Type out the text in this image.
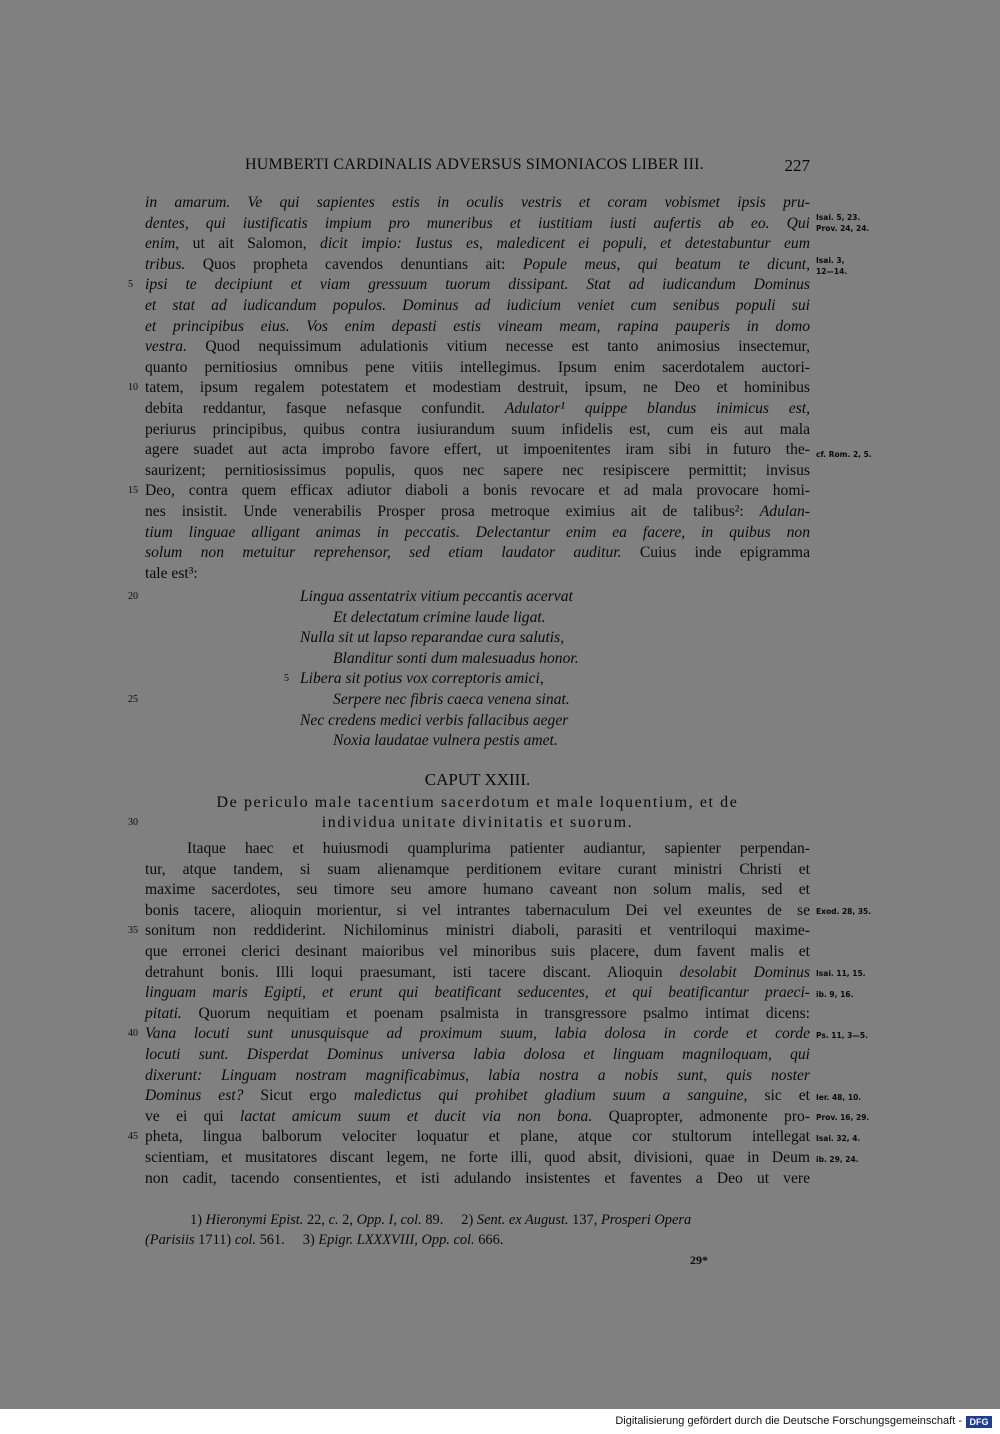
HUMBERTI CARDINALIS ADVERSUS SIMONIACOS LIBER III.	227
in amarum. Ve qui sapientes estis in oculis vestris et coram vobismet ipsis pru-
dentes, qui iustificatis impium pro muneribus et iustitiam iusti aufertis ab eo. Qui
enim, ut ait Salomon, dicit impio: Iustus es, maledicent ei populi, et detestabuntur eum
tribus. Quos propheta cavendos denuntians ait: Popule meus, qui beatum te dicunt,
5 ipsi te decipiunt et viam gressuum tuorum dissipant. Stat ad iudicandum Dominus
et stat ad iudicandum populos. Dominus ad iudicium veniet cum senibus populi sui
et principibus eius. Vos enim depasti estis vineam meam, rapina pauperis in domo
vestra. Quod nequissimum adulationis vitium necesse est tanto animosius insectemur,
quanto pernitiosius omnibus pene vitiis intellegimus. Ipsum enim sacerdotalem auctori-
10 tatem, ipsum regalem potestatem et modestiam destruit, ipsum, ne Deo et hominibus
debita reddantur, fasque nefasque confundit. Adulator¹ quippe blandus inimicus est,
periurus principibus, quibus contra iusiurandum suum infidelis est, cum eis aut mala
agere suadet aut acta improbo favore effert, ut impoenitentes iram sibi in futuro the-
saurizent; pernitiosissimus populis, quos nec sapere nec resipiscere permittit; invisus
15 Deo, contra quem efficax adiutor diaboli a bonis revocare et ad mala provocare homi-
nes insistit. Unde venerabilis Prosper prosa metroque eximius ait de talibus²: Adulan-
tium linguae alligant animas in peccatis. Delectantur enim ea facere, in quibus non
solum non metuitur reprehensor, sed etiam laudator auditur. Cuius inde epigramma
tale est³:
20	Lingua assentatrix vitium peccantis acervat
Et delectatum crimine laude ligat.
Nulla sit ut lapso reparandae cura salutis,
Blanditur sonti dum malesuadus honor.
5 Libera sit potius vox correptoris amici,
25	Serpere nec fibris caeca venena sinat.
Nec credens medici verbis fallacibus aeger
Noxia laudatae vulnera pestis amet.
CAPUT XXIII.
De periculo male tacentium sacerdotum et male loquentium, et de
30	individua unitate divinitatis et suorum.
Itaque haec et huiusmodi quamplurima patienter audiantur, sapienter perpendan-
tur, atque tandem, si suam alienamque perditionem evitare curant ministri Christi et
maxime sacerdotes, seu timore seu amore humano caveant non solum malis, sed et
bonis tacere, alioquin morientur, si vel intrantes tabernaculum Dei vel exeuntes de se
35 sonitum non reddiderint. Nichilominus ministri diaboli, parasiti et ventriloqui maxime-
que erronei clerici desinant maioribus vel minoribus suis placere, dum favent malis et
detrahunt bonis. Illi loqui praesumant, isti tacere discant. Alioquin desolabit Dominus
linguam maris Egipti, et erunt qui beatificant seducentes, et qui beatificantur praeci-
pitati. Quorum nequitiam et poenam psalmista in transgressore psalmo intimat dicens:
40 Vana locuti sunt unusquisque ad proximum suum, labia dolosa in corde et corde
locuti sunt. Disperdat Dominus universa labia dolosa et linguam magniloquam, qui
dixerunt: Linguam nostram magnificabimus, labia nostra a nobis sunt, quis noster
Dominus est? Sicut ergo maledictus qui prohibet gladium suum a sanguine, sic et
ve ei qui lactat amicum suum et ducit via non bona. Quapropter, admonente pro-
45 pheta, lingua balborum velociter loquatur et plane, atque cor stultorum intellegat
scientiam, et musitatores discant legem, ne forte illi, quod absit, divisioni, quae in Deum
non cadit, tacendo consentientes, et isti adulando insistentes et faventes a Deo ut vere
Isai. 5, 23.
Prov. 24, 24.
Isai. 3,
12—14.
cf. Rom. 2, 5.
Exod. 28, 35.
Isai. 11, 15.
ib. 9, 16.
Ps. 11, 3—5.
Ier. 48, 10.
Prov. 16, 29.
Isai. 32, 4.
ib. 29, 24.
1) Hieronymi Epist. 22, c. 2, Opp. I, col. 89.     2) Sent. ex August. 137, Prosperi Opera
(Parisiis 1711) col. 561.     3) Epigr. LXXXVIII, Opp. col. 666.
29*
Digitalisierung gefördert durch die Deutsche Forschungsgemeinschaft - DFG
